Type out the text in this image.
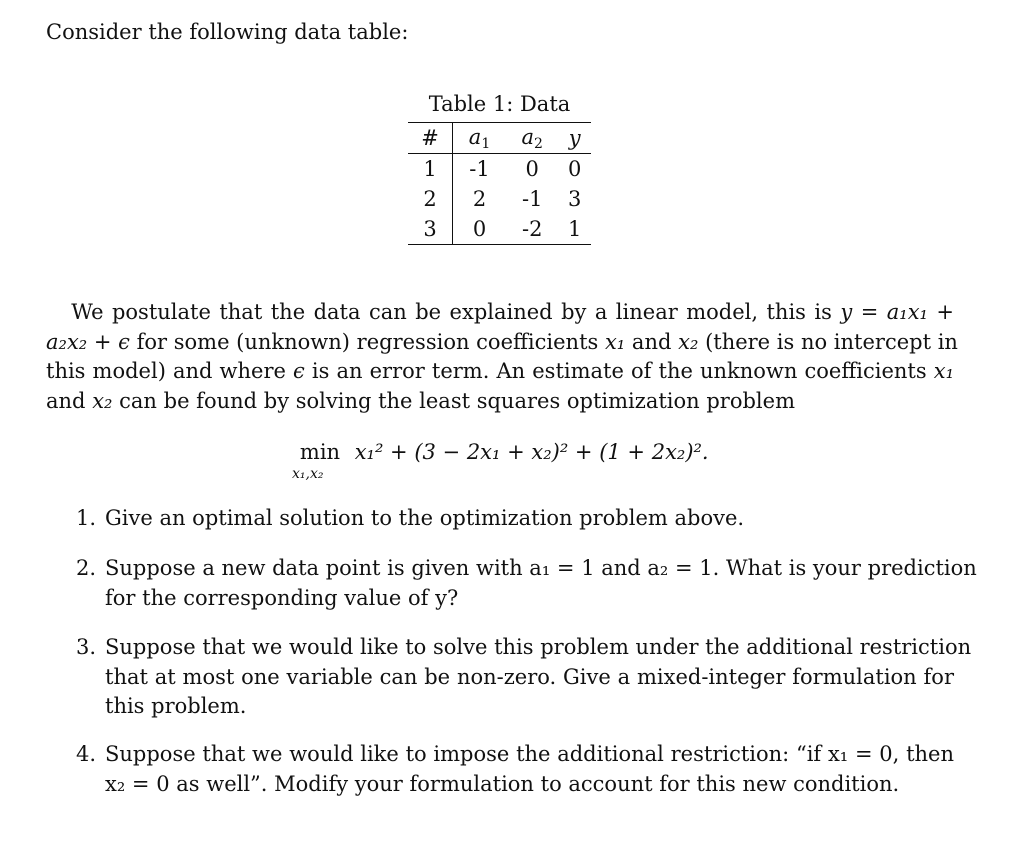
Consider the following data table:

Table 1: Data
#	$a_1$	$a_2$	y
1	-1	0	0
2	2	-1	3
3	0	-2	1
  We postulate that the data can be explained by a linear model, this is y = a₁x₁ +
a₂x₂ + ϵ for some (unknown) regression coefficients x₁ and x₂ (there is no intercept in
this model) and where ϵ is an error term. An estimate of the unknown coefficients x₁
and x₂ can be found by solving the least squares optimization problem
min
x₁,x₂
x₁² + (3 − 2x₁ + x₂)² + (1 + 2x₂)².
1. Give an optimal solution to the optimization problem above.
2. Suppose a new data point is given with a₁ = 1 and a₂ = 1. What is your prediction
for the corresponding value of y?
3. Suppose that we would like to solve this problem under the additional restriction
that at most one variable can be non-zero. Give a mixed-integer formulation for
this problem.
4. Suppose that we would like to impose the additional restriction: “if x₁ = 0, then
x₂ = 0 as well”. Modify your formulation to account for this new condition.
